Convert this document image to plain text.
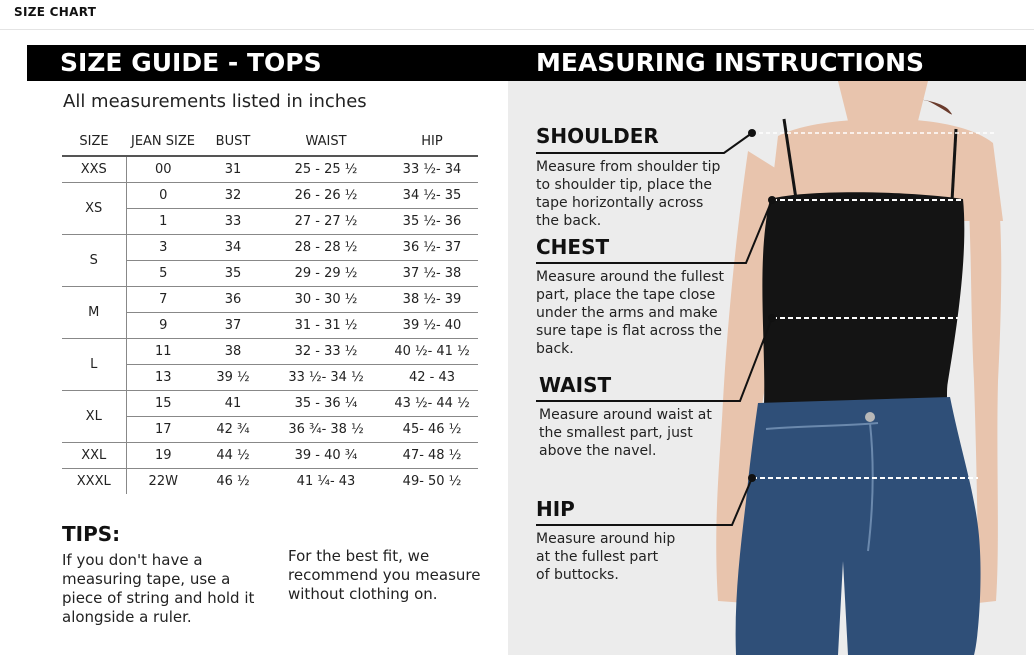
SIZE CHART
SIZE GUIDE - TOPS	MEASURING INSTRUCTIONS
All measurements listed in inches
SIZE	JEAN SIZE	BUST	WAIST	HIP
XXS	00	31	25 - 25 ½	33 ½- 34
XS	0	32	26 - 26 ½	34 ½- 35
	1	33	27 - 27 ½	35 ½- 36
S	3	34	28 - 28 ½	36 ½- 37
	5	35	29 - 29 ½	37 ½- 38
M	7	36	30 - 30 ½	38 ½- 39
	9	37	31 - 31 ½	39 ½- 40
L	11	38	32 - 33 ½	40 ½- 41 ½
	13	39 ½	33 ½- 34 ½	42 - 43
XL	15	41	35 - 36 ¼	43 ½- 44 ½
	17	42 ¾	36 ¾- 38 ½	45- 46 ½
XXL	19	44 ½	39 - 40 ¾	47- 48 ½
XXXL	22W	46 ½	41 ¼- 43	49- 50 ½
TIPS:
If you don't have a measuring tape, use a piece of string and hold it alongside a ruler.
For the best fit, we recommend you measure without clothing on.
SHOULDER
Measure from shoulder tip to shoulder tip, place the tape horizontally across the back.
CHEST
Measure around the fullest part, place the tape close under the arms and make sure tape is flat across the back.
WAIST
Measure around waist at the smallest part, just above the navel.
HIP
Measure around hip at the fullest part of buttocks.
